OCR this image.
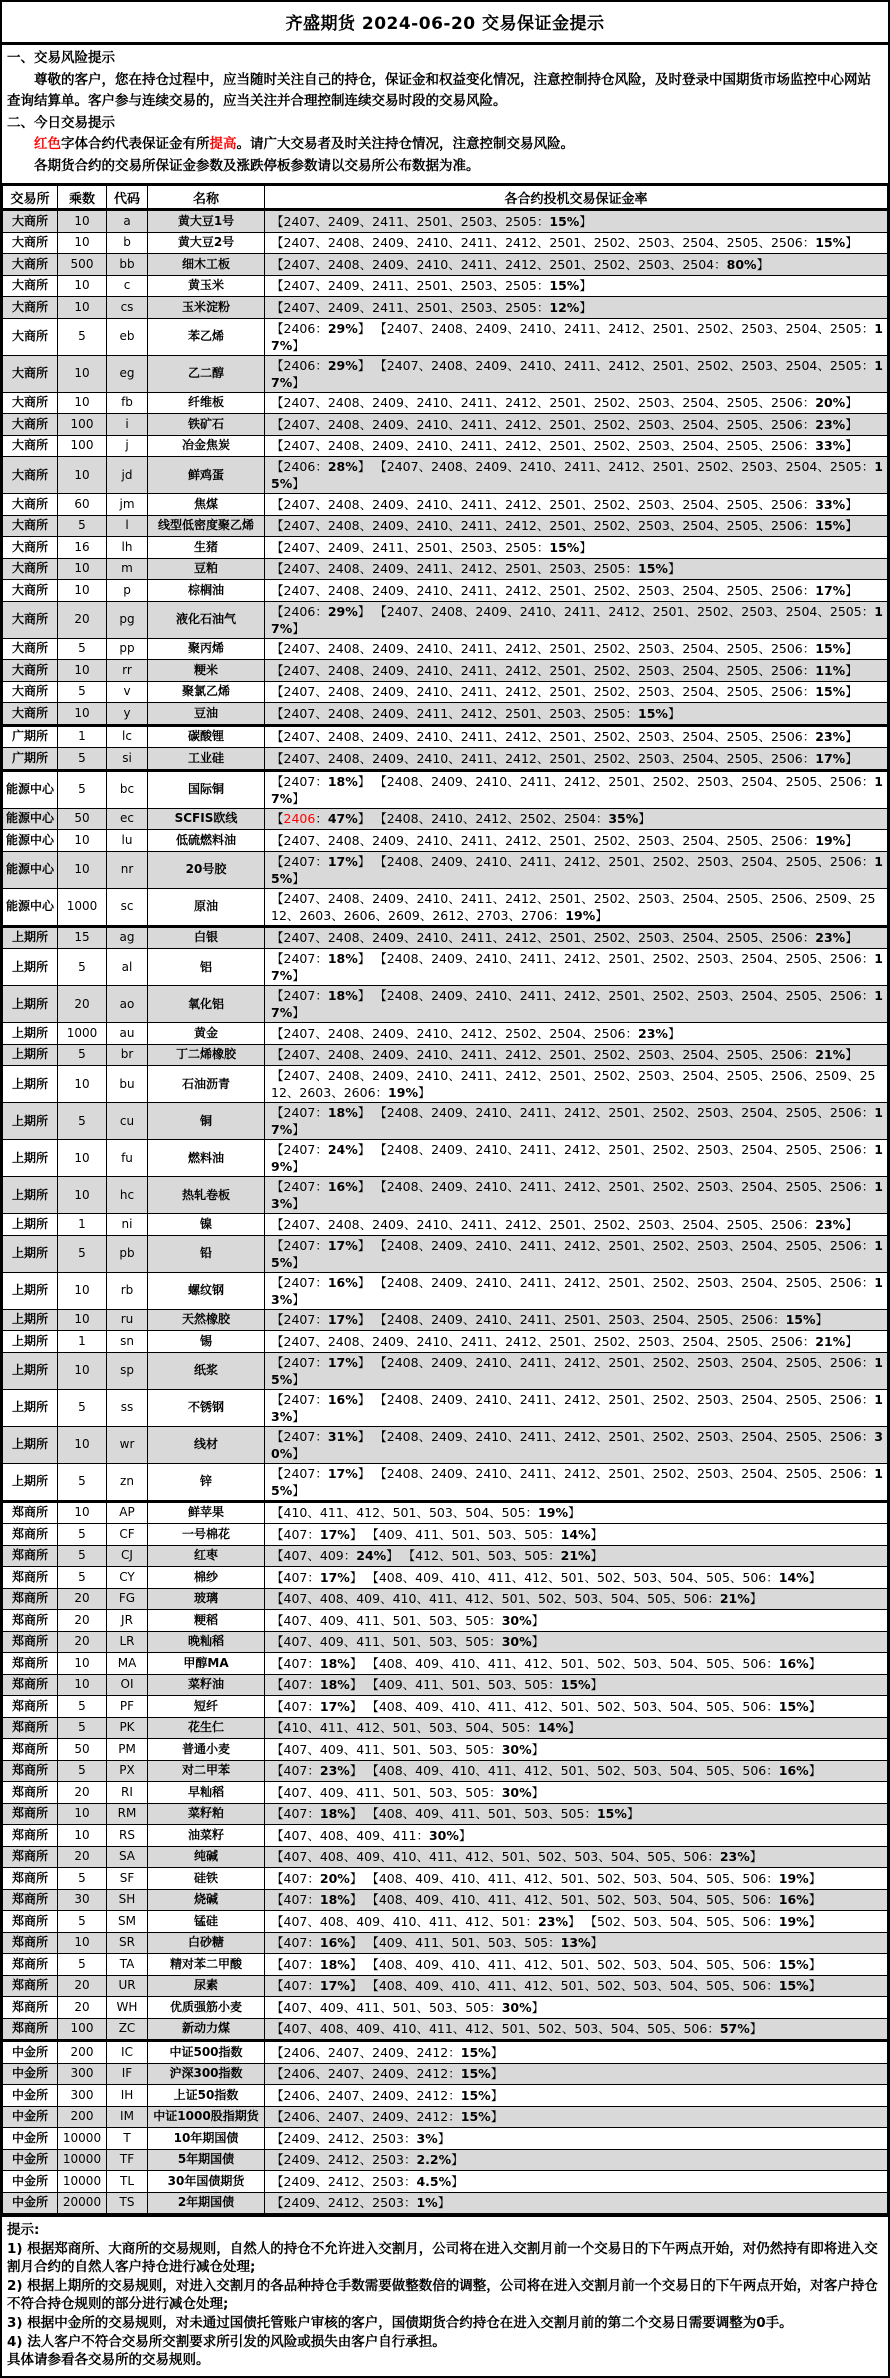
齐盛期货 2024-06-20 交易保证金提示
一、交易风险提示
尊敬的客户，您在持仓过程中，应当随时关注自己的持仓，保证金和权益变化情况，注意控制持仓风险，及时登录中国期货市场监控中心网站查询结算单。客户参与连续交易的，应当关注并合理控制连续交易时段的交易风险。
二、今日交易提示
红色字体合约代表保证金有所提高。请广大交易者及时关注持仓情况，注意控制交易风险。
各期货合约的交易所保证金参数及涨跌停板参数请以交易所公布数据为准。
交易所	乘数	代码	名称	各合约投机交易保证金率
大商所	10	a	黄大豆1号	【2407、2409、2411、2501、2503、2505：15%】
大商所	10	b	黄大豆2号	【2407、2408、2409、2410、2411、2412、2501、2502、2503、2504、2505、2506：15%】
大商所	500	bb	细木工板	【2407、2408、2409、2410、2411、2412、2501、2502、2503、2504：80%】
大商所	10	c	黄玉米	【2407、2409、2411、2501、2503、2505：15%】
大商所	10	cs	玉米淀粉	【2407、2409、2411、2501、2503、2505：12%】
大商所	5	eb	苯乙烯	【2406：29%】 【2407、2408、2409、2410、2411、2412、2501、2502、2503、2504、2505：17%】
大商所	10	eg	乙二醇	【2406：29%】 【2407、2408、2409、2410、2411、2412、2501、2502、2503、2504、2505：17%】
大商所	10	fb	纤维板	【2407、2408、2409、2410、2411、2412、2501、2502、2503、2504、2505、2506：20%】
大商所	100	i	铁矿石	【2407、2408、2409、2410、2411、2412、2501、2502、2503、2504、2505、2506：23%】
大商所	100	j	冶金焦炭	【2407、2408、2409、2410、2411、2412、2501、2502、2503、2504、2505、2506：33%】
大商所	10	jd	鲜鸡蛋	【2406：28%】 【2407、2408、2409、2410、2411、2412、2501、2502、2503、2504、2505：15%】
大商所	60	jm	焦煤	【2407、2408、2409、2410、2411、2412、2501、2502、2503、2504、2505、2506：33%】
大商所	5	l	线型低密度聚乙烯	【2407、2408、2409、2410、2411、2412、2501、2502、2503、2504、2505、2506：15%】
大商所	16	lh	生猪	【2407、2409、2411、2501、2503、2505：15%】
大商所	10	m	豆粕	【2407、2408、2409、2411、2412、2501、2503、2505：15%】
大商所	10	p	棕榈油	【2407、2408、2409、2410、2411、2412、2501、2502、2503、2504、2505、2506：17%】
大商所	20	pg	液化石油气	【2406：29%】 【2407、2408、2409、2410、2411、2412、2501、2502、2503、2504、2505：17%】
大商所	5	pp	聚丙烯	【2407、2408、2409、2410、2411、2412、2501、2502、2503、2504、2505、2506：15%】
大商所	10	rr	粳米	【2407、2408、2409、2410、2411、2412、2501、2502、2503、2504、2505、2506：11%】
大商所	5	v	聚氯乙烯	【2407、2408、2409、2410、2411、2412、2501、2502、2503、2504、2505、2506：15%】
大商所	10	y	豆油	【2407、2408、2409、2411、2412、2501、2503、2505：15%】
广期所	1	lc	碳酸锂	【2407、2408、2409、2410、2411、2412、2501、2502、2503、2504、2505、2506：23%】
广期所	5	si	工业硅	【2407、2408、2409、2410、2411、2412、2501、2502、2503、2504、2505、2506：17%】
能源中心	5	bc	国际铜	【2407：18%】 【2408、2409、2410、2411、2412、2501、2502、2503、2504、2505、2506：17%】
能源中心	50	ec	SCFIS欧线	【2406：47%】 【2408、2410、2412、2502、2504：35%】
能源中心	10	lu	低硫燃料油	【2407、2408、2409、2410、2411、2412、2501、2502、2503、2504、2505、2506：19%】
能源中心	10	nr	20号胶	【2407：17%】 【2408、2409、2410、2411、2412、2501、2502、2503、2504、2505、2506：15%】
能源中心	1000	sc	原油	【2407、2408、2409、2410、2411、2412、2501、2502、2503、2504、2505、2506、2509、2512、2603、2606、2609、2612、2703、2706：19%】
上期所	15	ag	白银	【2407、2408、2409、2410、2411、2412、2501、2502、2503、2504、2505、2506：23%】
上期所	5	al	铝	【2407：18%】 【2408、2409、2410、2411、2412、2501、2502、2503、2504、2505、2506：17%】
上期所	20	ao	氧化铝	【2407：18%】 【2408、2409、2410、2411、2412、2501、2502、2503、2504、2505、2506：17%】
上期所	1000	au	黄金	【2407、2408、2409、2410、2412、2502、2504、2506：23%】
上期所	5	br	丁二烯橡胶	【2407、2408、2409、2410、2411、2412、2501、2502、2503、2504、2505、2506：21%】
上期所	10	bu	石油沥青	【2407、2408、2409、2410、2411、2412、2501、2502、2503、2504、2505、2506、2509、2512、2603、2606：19%】
上期所	5	cu	铜	【2407：18%】 【2408、2409、2410、2411、2412、2501、2502、2503、2504、2505、2506：17%】
上期所	10	fu	燃料油	【2407：24%】 【2408、2409、2410、2411、2412、2501、2502、2503、2504、2505、2506：19%】
上期所	10	hc	热轧卷板	【2407：16%】 【2408、2409、2410、2411、2412、2501、2502、2503、2504、2505、2506：13%】
上期所	1	ni	镍	【2407、2408、2409、2410、2411、2412、2501、2502、2503、2504、2505、2506：23%】
上期所	5	pb	铅	【2407：17%】 【2408、2409、2410、2411、2412、2501、2502、2503、2504、2505、2506：15%】
上期所	10	rb	螺纹钢	【2407：16%】 【2408、2409、2410、2411、2412、2501、2502、2503、2504、2505、2506：13%】
上期所	10	ru	天然橡胶	【2407：17%】 【2408、2409、2410、2411、2501、2503、2504、2505、2506：15%】
上期所	1	sn	锡	【2407、2408、2409、2410、2411、2412、2501、2502、2503、2504、2505、2506：21%】
上期所	10	sp	纸浆	【2407：17%】 【2408、2409、2410、2411、2412、2501、2502、2503、2504、2505、2506：15%】
上期所	5	ss	不锈钢	【2407：16%】 【2408、2409、2410、2411、2412、2501、2502、2503、2504、2505、2506：13%】
上期所	10	wr	线材	【2407：31%】 【2408、2409、2410、2411、2412、2501、2502、2503、2504、2505、2506：30%】
上期所	5	zn	锌	【2407：17%】 【2408、2409、2410、2411、2412、2501、2502、2503、2504、2505、2506：15%】
郑商所	10	AP	鲜苹果	【410、411、412、501、503、504、505：19%】
郑商所	5	CF	一号棉花	【407：17%】 【409、411、501、503、505：14%】
郑商所	5	CJ	红枣	【407、409：24%】 【412、501、503、505：21%】
郑商所	5	CY	棉纱	【407：17%】 【408、409、410、411、412、501、502、503、504、505、506：14%】
郑商所	20	FG	玻璃	【407、408、409、410、411、412、501、502、503、504、505、506：21%】
郑商所	20	JR	粳稻	【407、409、411、501、503、505：30%】
郑商所	20	LR	晚籼稻	【407、409、411、501、503、505：30%】
郑商所	10	MA	甲醇MA	【407：18%】 【408、409、410、411、412、501、502、503、504、505、506：16%】
郑商所	10	OI	菜籽油	【407：18%】 【409、411、501、503、505：15%】
郑商所	5	PF	短纤	【407：17%】 【408、409、410、411、412、501、502、503、504、505、506：15%】
郑商所	5	PK	花生仁	【410、411、412、501、503、504、505：14%】
郑商所	50	PM	普通小麦	【407、409、411、501、503、505：30%】
郑商所	5	PX	对二甲苯	【407：23%】 【408、409、410、411、412、501、502、503、504、505、506：16%】
郑商所	20	RI	早籼稻	【407、409、411、501、503、505：30%】
郑商所	10	RM	菜籽粕	【407：18%】 【408、409、411、501、503、505：15%】
郑商所	10	RS	油菜籽	【407、408、409、411：30%】
郑商所	20	SA	纯碱	【407、408、409、410、411、412、501、502、503、504、505、506：23%】
郑商所	5	SF	硅铁	【407：20%】 【408、409、410、411、412、501、502、503、504、505、506：19%】
郑商所	30	SH	烧碱	【407：18%】 【408、409、410、411、412、501、502、503、504、505、506：16%】
郑商所	5	SM	锰硅	【407、408、409、410、411、412、501：23%】 【502、503、504、505、506：19%】
郑商所	10	SR	白砂糖	【407：16%】 【409、411、501、503、505：13%】
郑商所	5	TA	精对苯二甲酸	【407：18%】 【408、409、410、411、412、501、502、503、504、505、506：15%】
郑商所	20	UR	尿素	【407：17%】 【408、409、410、411、412、501、502、503、504、505、506：15%】
郑商所	20	WH	优质强筋小麦	【407、409、411、501、503、505：30%】
郑商所	100	ZC	新动力煤	【407、408、409、410、411、412、501、502、503、504、505、506：57%】
中金所	200	IC	中证500指数	【2406、2407、2409、2412：15%】
中金所	300	IF	沪深300指数	【2406、2407、2409、2412：15%】
中金所	300	IH	上证50指数	【2406、2407、2409、2412：15%】
中金所	200	IM	中证1000股指期货	【2406、2407、2409、2412：15%】
中金所	10000	T	10年期国债	【2409、2412、2503：3%】
中金所	10000	TF	5年期国债	【2409、2412、2503：2.2%】
中金所	10000	TL	30年国债期货	【2409、2412、2503：4.5%】
中金所	20000	TS	2年期国债	【2409、2412、2503：1%】
提示:
1) 根据郑商所、大商所的交易规则，自然人的持仓不允许进入交割月，公司将在进入交割月前一个交易日的下午两点开始，对仍然持有即将进入交割月合约的自然人客户持仓进行减仓处理;
2) 根据上期所的交易规则，对进入交割月的各品种持仓手数需要做整数倍的调整，公司将在进入交割月前一个交易日的下午两点开始，对客户持仓不符合持仓规则的部分进行减仓处理;
3) 根据中金所的交易规则，对未通过国债托管账户审核的客户，国债期货合约持仓在进入交割月前的第二个交易日需要调整为0手。
4) 法人客户不符合交易所交割要求所引发的风险或损失由客户自行承担。
具体请参看各交易所的交易规则。
